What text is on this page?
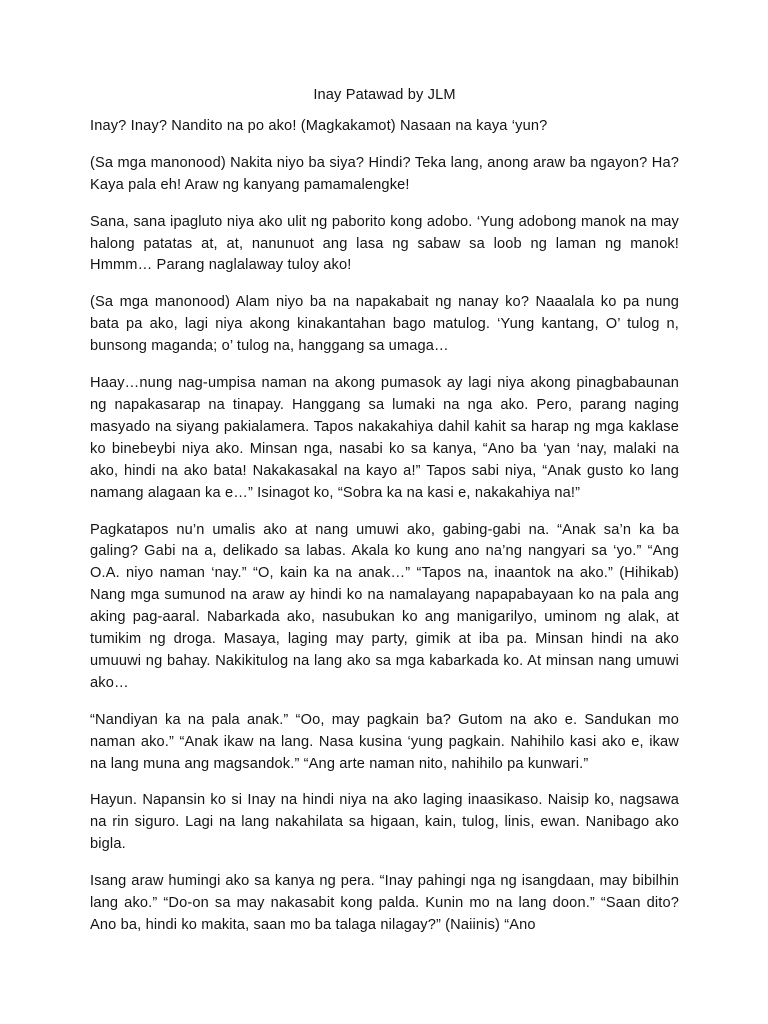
Inay Patawad by JLM

Inay? Inay? Nandito na po ako! (Magkakamot) Nasaan na kaya ‘yun?

(Sa mga manonood) Nakita niyo ba siya? Hindi? Teka lang, anong araw ba ngayon? Ha? Kaya pala eh! Araw ng kanyang pamamalengke!

Sana, sana ipagluto niya ako ulit ng paborito kong adobo. ‘Yung adobong manok na may halong patatas at, at, nanunuot ang lasa ng sabaw sa loob ng laman ng manok! Hmmm… Parang naglalaway tuloy ako!

(Sa mga manonood) Alam niyo ba na napakabait ng nanay ko? Naaalala ko pa nung bata pa ako, lagi niya akong kinakantahan bago matulog. ‘Yung kantang, O’ tulog n, bunsong maganda; o’ tulog na, hanggang sa umaga…

Haay…nung nag-umpisa naman na akong pumasok ay lagi niya akong pinagbabaunan ng napakasarap na tinapay. Hanggang sa lumaki na nga ako. Pero, parang naging masyado na siyang pakialamera. Tapos nakakahiya dahil kahit sa harap ng mga kaklase ko binebeybi niya ako. Minsan nga, nasabi ko sa kanya, “Ano ba ‘yan ‘nay, malaki na ako, hindi na ako bata! Nakakasakal na kayo a!” Tapos sabi niya, “Anak gusto ko lang namang alagaan ka e…” Isinagot ko, “Sobra ka na kasi e, nakakahiya na!”

Pagkatapos nu’n umalis ako at nang umuwi ako, gabing-gabi na. “Anak sa’n ka ba galing? Gabi na a, delikado sa labas. Akala ko kung ano na’ng nangyari sa ‘yo.” “Ang O.A. niyo naman ‘nay.” “O, kain ka na anak…” “Tapos na, inaantok na ako.” (Hihikab) Nang mga sumunod na araw ay hindi ko na namalayang napapabayaan ko na pala ang aking pag-aaral. Nabarkada ako, nasubukan ko ang manigarilyo, uminom ng alak, at tumikim ng droga. Masaya, laging may party, gimik at iba pa. Minsan hindi na ako umuuwi ng bahay. Nakikitulog na lang ako sa mga kabarkada ko. At minsan nang umuwi ako…

“Nandiyan ka na pala anak.” “Oo, may pagkain ba? Gutom na ako e. Sandukan mo naman ako.” “Anak ikaw na lang. Nasa kusina ‘yung pagkain. Nahihilo kasi ako e, ikaw na lang muna ang magsandok.” “Ang arte naman nito, nahihilo pa kunwari.”

Hayun. Napansin ko si Inay na hindi niya na ako laging inaasikaso. Naisip ko, nagsawa na rin siguro. Lagi na lang nakahilata sa higaan, kain, tulog, linis, ewan. Nanibago ako bigla.

Isang araw humingi ako sa kanya ng pera. “Inay pahingi nga ng isangdaan, may bibilhin lang ako.” “Do-on sa may nakasabit kong palda. Kunin mo na lang doon.” “Saan dito? Ano ba, hindi ko makita, saan mo ba talaga nilagay?” (Naiinis) “Ano
